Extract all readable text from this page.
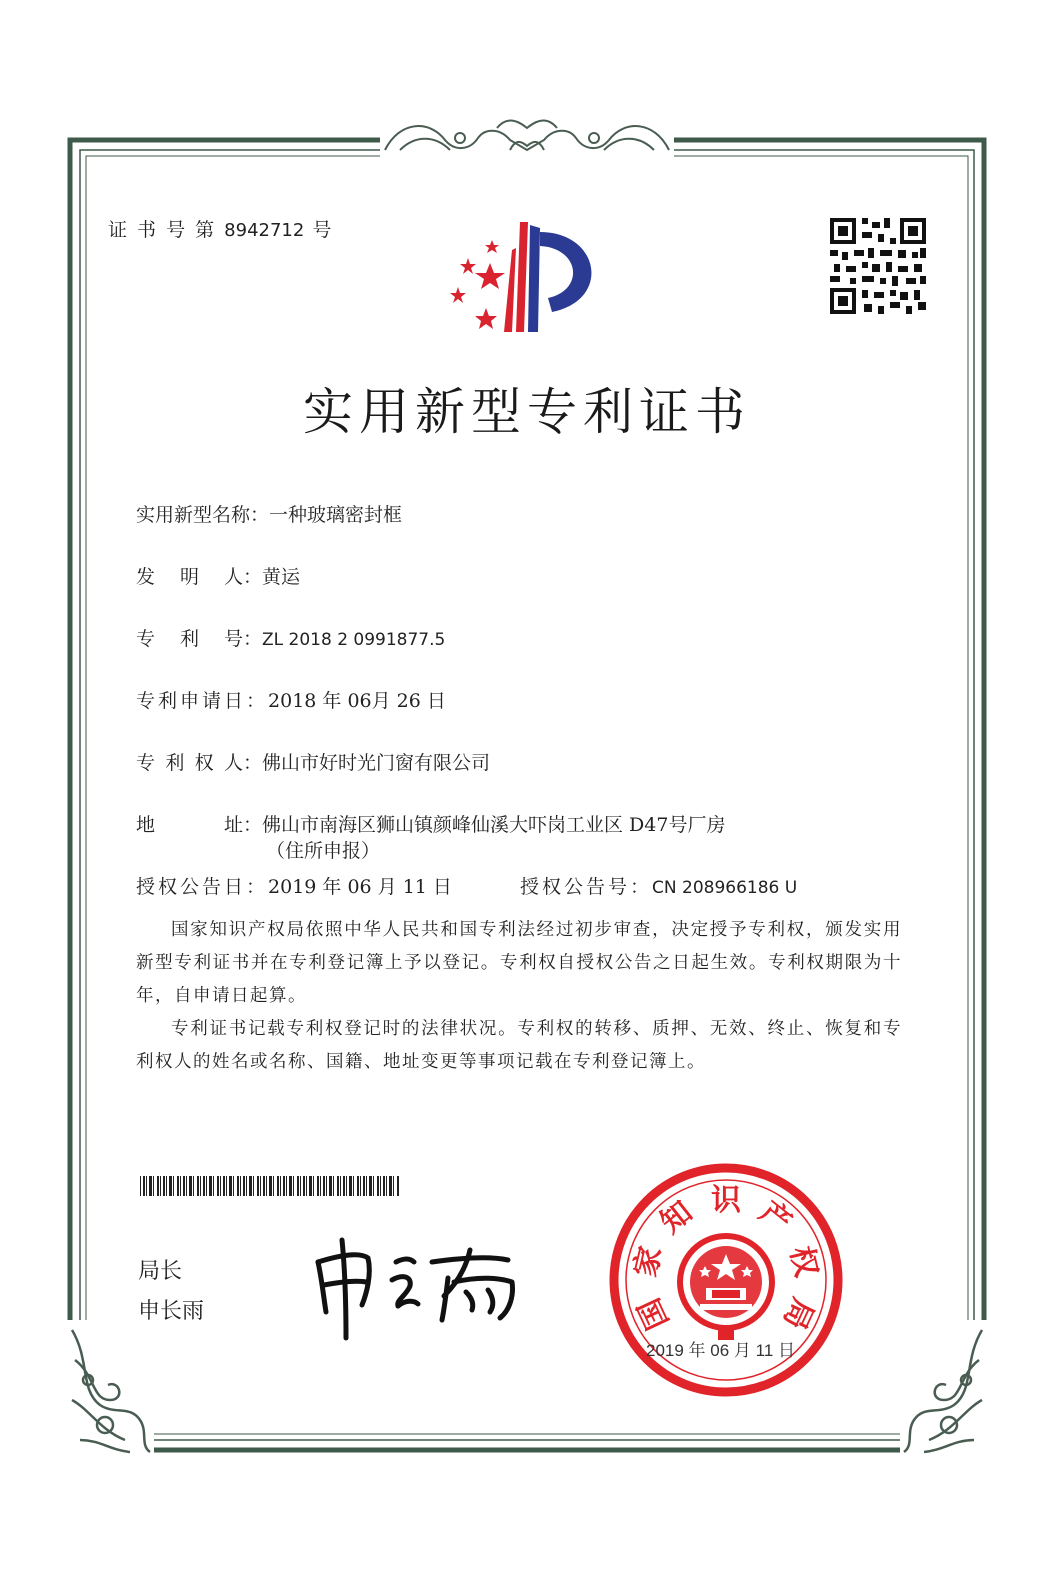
国
家
知 识 产
权
局
证 书 号 第 8942712 号
实用新型专利证书
实用新型名称：一种玻璃密封框
发 明 人： 黄运
专 利 号： ZL 2018 2 0991877.5
专利申请日：2018 年 06月 26 日
专 利 权 人： 佛山市好时光门窗有限公司
地	址： 佛山市南海区狮山镇颜峰仙溪大吓岗工业区 D47号厂房
（住所申报）
授权公告日：2019 年 06 月 11 日	授权公告号：CN 208966186 U

国家知识产权局依照中华人民共和国专利法经过初步审查，决定授予专利权，颁发实用新型专利证书并在专利登记簿上予以登记。专利权自授权公告之日起生效。专利权期限为十年，自申请日起算。

专利证书记载专利权登记时的法律状况。专利权的转移、质押、无效、终止、恢复和专利权人的姓名或名称、国籍、地址变更等事项记载在专利登记簿上。

局长
申长雨
2019 年 06 月 11 日
